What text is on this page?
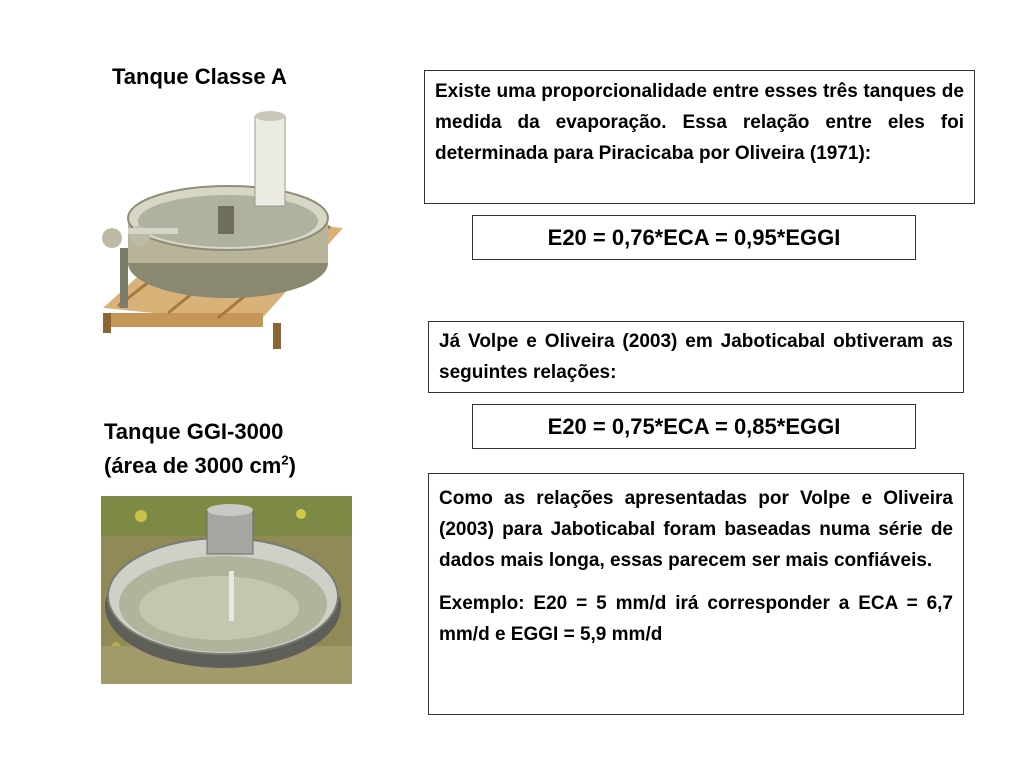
Tanque Classe A
Tanque GGI-3000
(área de 3000 $cm^2$)

Existe uma proporcionalidade entre esses três tanques de medida da evaporação. Essa relação entre eles foi determinada para Piracicaba por Oliveira (1971):

E20 = 0,76*ECA = 0,95*EGGI

Já Volpe e Oliveira (2003) em Jaboticabal obtiveram as seguintes relações:

E20 = 0,75*ECA = 0,85*EGGI

Como as relações apresentadas por Volpe e Oliveira (2003) para Jaboticabal foram baseadas numa série de dados mais longa, essas parecem ser mais confiáveis.

Exemplo: E20 = 5 mm/d irá corresponder a ECA = 6,7 mm/d e EGGI = 5,9 mm/d
